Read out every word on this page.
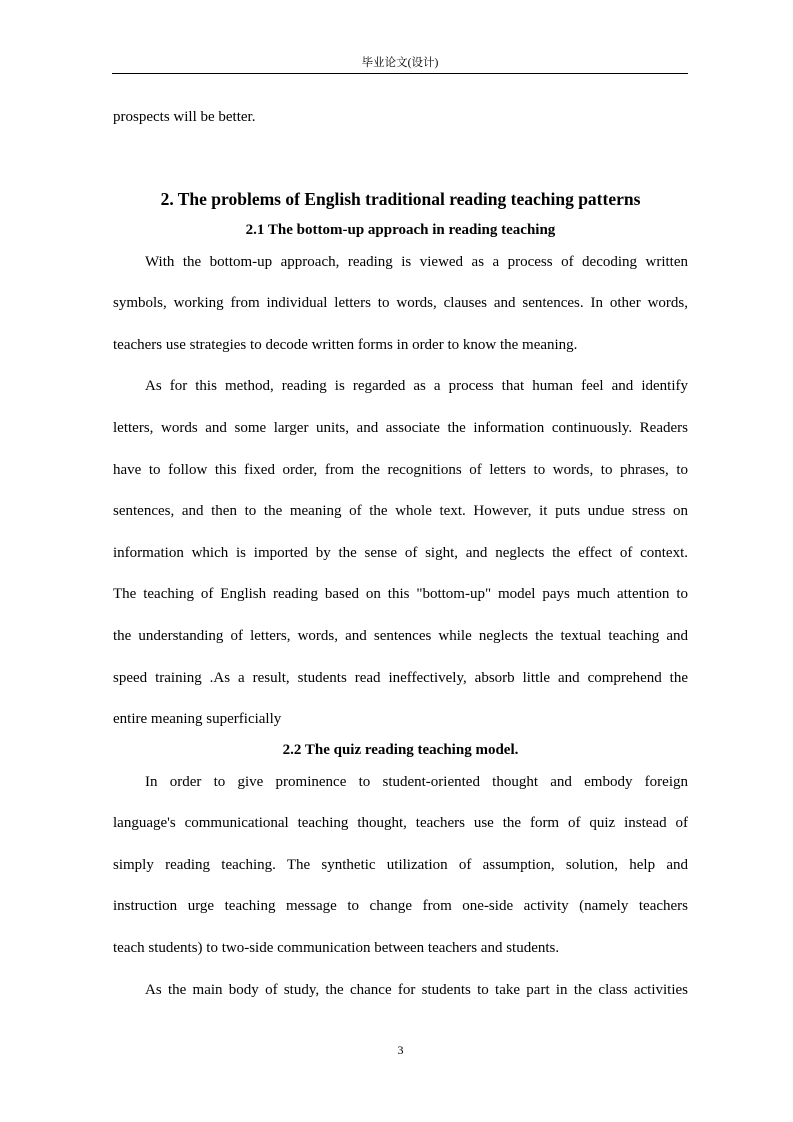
毕业论文(设计)
prospects will be better.
2. The problems of English traditional reading teaching patterns
2.1 The bottom-up approach in reading teaching
With the bottom-up approach, reading is viewed as a process of decoding written
symbols, working from individual letters to words, clauses and sentences. In other words,
teachers use strategies to decode written forms in order to know the meaning.
As for this method, reading is regarded as a process that human feel and identify
letters, words and some larger units, and associate the information continuously. Readers
have to follow this fixed order, from the recognitions of letters to words, to phrases, to
sentences, and then to the meaning of the whole text. However, it puts undue stress on
information which is imported by the sense of sight, and neglects the effect of context.
The teaching of English reading based on this "bottom-up" model pays much attention to
the understanding of letters, words, and sentences while neglects the textual teaching and
speed training .As a result, students read ineffectively, absorb little and comprehend the
entire meaning superficially
2.2 The quiz reading teaching model.
In order to give prominence to student-oriented thought and embody foreign
language's communicational teaching thought, teachers use the form of quiz instead of
simply reading teaching. The synthetic utilization of assumption, solution, help and
instruction urge teaching message to change from one-side activity (namely teachers
teach students) to two-side communication between teachers and students.
As the main body of study, the chance for students to take part in the class activities
3
